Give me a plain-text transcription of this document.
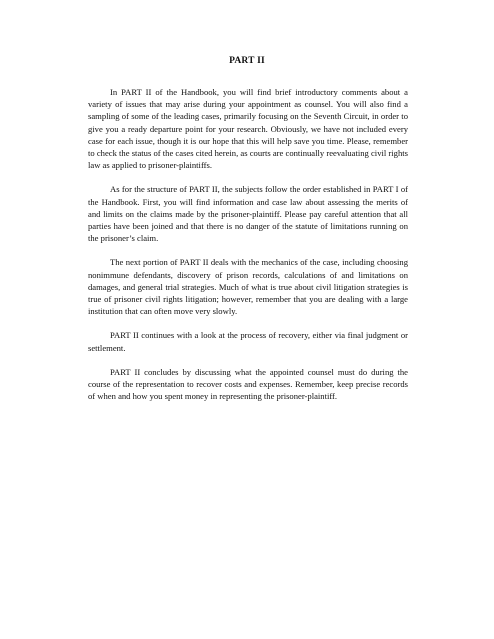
PART II

In PART II of the Handbook, you will find brief introductory comments about a variety of issues that may arise during your appointment as counsel. You will also find a sampling of some of the leading cases, primarily focusing on the Seventh Circuit, in order to give you a ready departure point for your research. Obviously, we have not included every case for each issue, though it is our hope that this will help save you time. Please, remember to check the status of the cases cited herein, as courts are continually reevaluating civil rights law as applied to prisoner-plaintiffs.

As for the structure of PART II, the subjects follow the order established in PART I of the Handbook. First, you will find information and case law about assessing the merits of and limits on the claims made by the prisoner-plaintiff. Please pay careful attention that all parties have been joined and that there is no danger of the statute of limitations running on the prisoner’s claim.

The next portion of PART II deals with the mechanics of the case, including choosing nonimmune defendants, discovery of prison records, calculations of and limitations on damages, and general trial strategies. Much of what is true about civil litigation strategies is true of prisoner civil rights litigation; however, remember that you are dealing with a large institution that can often move very slowly.

PART II continues with a look at the process of recovery, either via final judgment or settlement.

PART II concludes by discussing what the appointed counsel must do during the course of the representation to recover costs and expenses. Remember, keep precise records of when and how you spent money in representing the prisoner-plaintiff.
